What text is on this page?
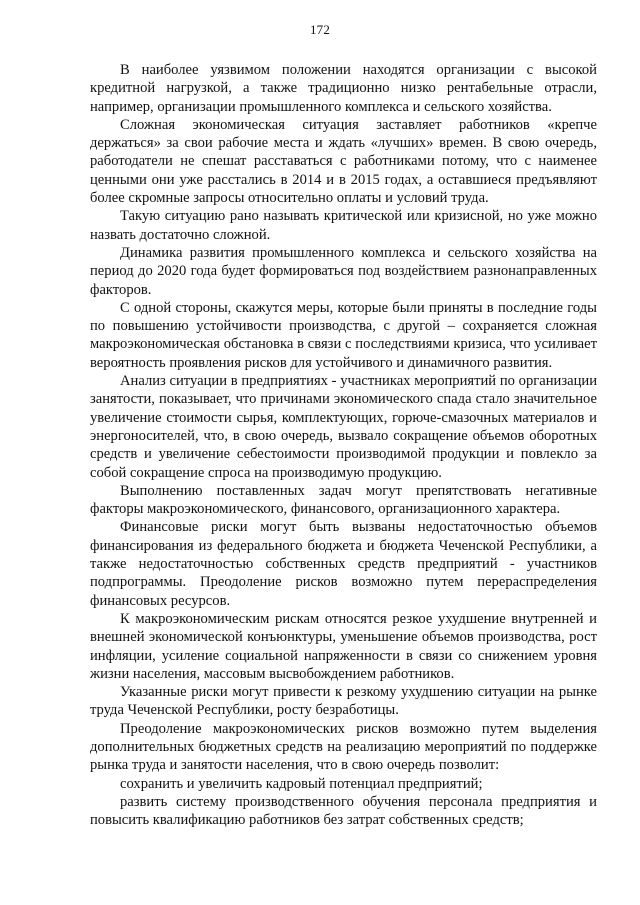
172

В наиболее уязвимом положении находятся организации с высокой кредитной нагрузкой, а также традиционно низко рентабельные отрасли, например, организации промышленного комплекса и сельского хозяйства.

Сложная экономическая ситуация заставляет работников «крепче держаться» за свои рабочие места и ждать «лучших» времен. В свою очередь, работодатели не спешат расставаться с работниками потому, что с наименее ценными они уже расстались в 2014 и в 2015 годах, а оставшиеся предъявляют более скромные запросы относительно оплаты и условий труда.

Такую ситуацию рано называть критической или кризисной, но уже можно назвать достаточно сложной.

Динамика развития промышленного комплекса и сельского хозяйства на период до 2020 года будет формироваться под воздействием разнонаправленных факторов.

С одной стороны, скажутся меры, которые были приняты в последние годы по повышению устойчивости производства, с другой – сохраняется сложная макроэкономическая обстановка в связи с последствиями кризиса, что усиливает вероятность проявления рисков для устойчивого и динамичного развития.

Анализ ситуации в предприятиях - участниках мероприятий по организации занятости, показывает, что причинами экономического спада стало значительное увеличение стоимости сырья, комплектующих, горюче-смазочных материалов и энергоносителей, что, в свою очередь, вызвало сокращение объемов оборотных средств и увеличение себестоимости производимой продукции и повлекло за собой сокращение спроса на производимую продукцию.

Выполнению поставленных задач могут препятствовать негативные факторы макроэкономического, финансового, организационного характера.

Финансовые риски могут быть вызваны недостаточностью объемов финансирования из федерального бюджета и бюджета Чеченской Республики, а также недостаточностью собственных средств предприятий - участников подпрограммы. Преодоление рисков возможно путем перераспределения финансовых ресурсов.

К макроэкономическим рискам относятся резкое ухудшение внутренней и внешней экономической конъюнктуры, уменьшение объемов производства, рост инфляции, усиление социальной напряженности в связи со снижением уровня жизни населения, массовым высвобождением работников.

Указанные риски могут привести к резкому ухудшению ситуации на рынке труда Чеченской Республики, росту безработицы.

Преодоление макроэкономических рисков возможно путем выделения дополнительных бюджетных средств на реализацию мероприятий по поддержке рынка труда и занятости населения, что в свою очередь позволит:

сохранить и увеличить кадровый потенциал предприятий;

развить систему производственного обучения персонала предприятия и повысить квалификацию работников без затрат собственных средств;
